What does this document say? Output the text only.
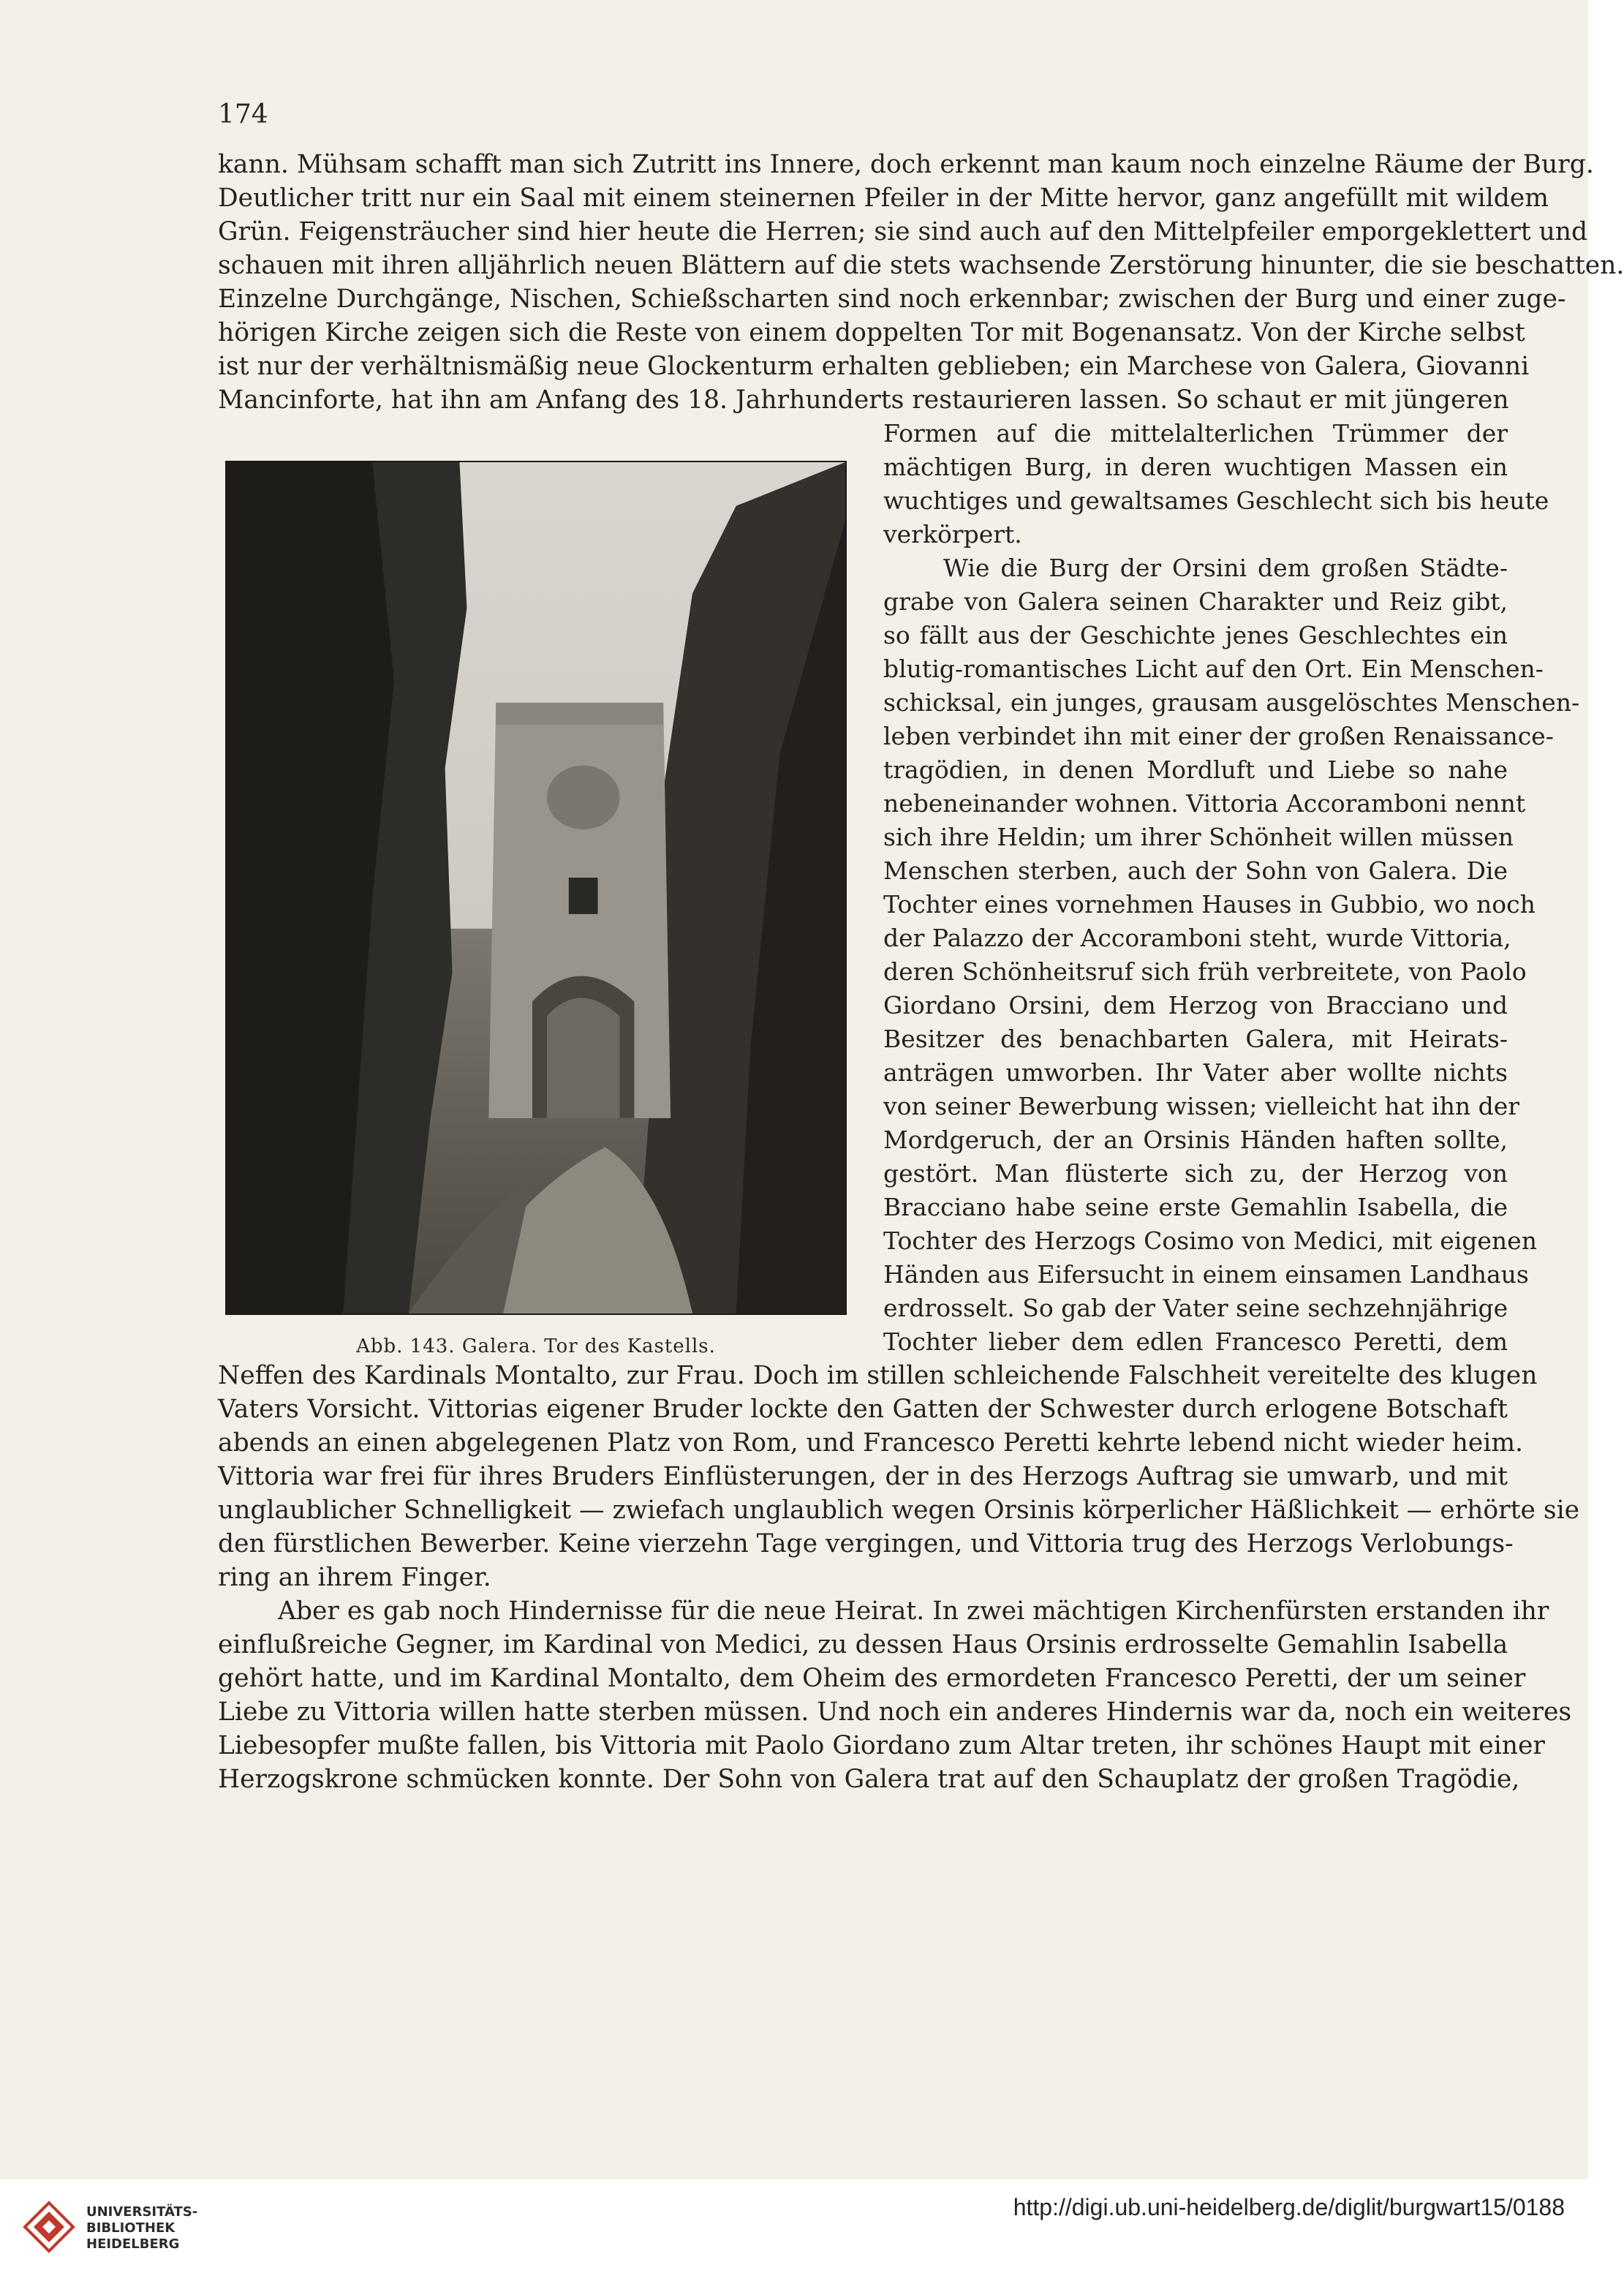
174
kann. Mühsam schafft man sich Zutritt ins Innere, doch erkennt man kaum noch einzelne Räume der Burg.
Deutlicher tritt nur ein Saal mit einem steinernen Pfeiler in der Mitte hervor, ganz angefüllt mit wildem
Grün. Feigensträucher sind hier heute die Herren; sie sind auch auf den Mittelpfeiler emporgeklettert und
schauen mit ihren alljährlich neuen Blättern auf die stets wachsende Zerstörung hinunter, die sie beschatten.
Einzelne Durchgänge, Nischen, Schießscharten sind noch erkennbar; zwischen der Burg und einer zuge-
hörigen Kirche zeigen sich die Reste von einem doppelten Tor mit Bogenansatz. Von der Kirche selbst
ist nur der verhältnismäßig neue Glockenturm erhalten geblieben; ein Marchese von Galera, Giovanni
Mancinforte, hat ihn am Anfang des 18. Jahrhunderts restaurieren lassen. So schaut er mit jüngeren
Formen auf die mittelalterlichen Trümmer der
mächtigen Burg, in deren wuchtigen Massen ein
wuchtiges und gewaltsames Geschlecht sich bis heute
verkörpert.
Wie die Burg der Orsini dem großen Städte-
grabe von Galera seinen Charakter und Reiz gibt,
so fällt aus der Geschichte jenes Geschlechtes ein
blutig-romantisches Licht auf den Ort. Ein Menschen-
schicksal, ein junges, grausam ausgelöschtes Menschen-
leben verbindet ihn mit einer der großen Renaissance-
tragödien, in denen Mordluft und Liebe so nahe
nebeneinander wohnen. Vittoria Accoramboni nennt
sich ihre Heldin; um ihrer Schönheit willen müssen
Menschen sterben, auch der Sohn von Galera. Die
Tochter eines vornehmen Hauses in Gubbio, wo noch
der Palazzo der Accoramboni steht, wurde Vittoria,
deren Schönheitsruf sich früh verbreitete, von Paolo
Giordano Orsini, dem Herzog von Bracciano und
Besitzer des benachbarten Galera, mit Heirats-
anträgen umworben. Ihr Vater aber wollte nichts
von seiner Bewerbung wissen; vielleicht hat ihn der
Mordgeruch, der an Orsinis Händen haften sollte,
gestört. Man flüsterte sich zu, der Herzog von
Bracciano habe seine erste Gemahlin Isabella, die
Tochter des Herzogs Cosimo von Medici, mit eigenen
Händen aus Eifersucht in einem einsamen Landhaus
erdrosselt. So gab der Vater seine sechzehnjährige
Tochter lieber dem edlen Francesco Peretti, dem
Abb. 143. Galera. Tor des Kastells.
Neffen des Kardinals Montalto, zur Frau. Doch im stillen schleichende Falschheit vereitelte des klugen
Vaters Vorsicht. Vittorias eigener Bruder lockte den Gatten der Schwester durch erlogene Botschaft
abends an einen abgelegenen Platz von Rom, und Francesco Peretti kehrte lebend nicht wieder heim.
Vittoria war frei für ihres Bruders Einflüsterungen, der in des Herzogs Auftrag sie umwarb, und mit
unglaublicher Schnelligkeit — zwiefach unglaublich wegen Orsinis körperlicher Häßlichkeit — erhörte sie
den fürstlichen Bewerber. Keine vierzehn Tage vergingen, und Vittoria trug des Herzogs Verlobungs-
ring an ihrem Finger.
Aber es gab noch Hindernisse für die neue Heirat. In zwei mächtigen Kirchenfürsten erstanden ihr
einflußreiche Gegner, im Kardinal von Medici, zu dessen Haus Orsinis erdrosselte Gemahlin Isabella
gehört hatte, und im Kardinal Montalto, dem Oheim des ermordeten Francesco Peretti, der um seiner
Liebe zu Vittoria willen hatte sterben müssen. Und noch ein anderes Hindernis war da, noch ein weiteres
Liebesopfer mußte fallen, bis Vittoria mit Paolo Giordano zum Altar treten, ihr schönes Haupt mit einer
Herzogskrone schmücken konnte. Der Sohn von Galera trat auf den Schauplatz der großen Tragödie,
UNIVERSITÄTS-
BIBLIOTHEK
HEIDELBERG
http://digi.ub.uni-heidelberg.de/diglit/burgwart15/0188
